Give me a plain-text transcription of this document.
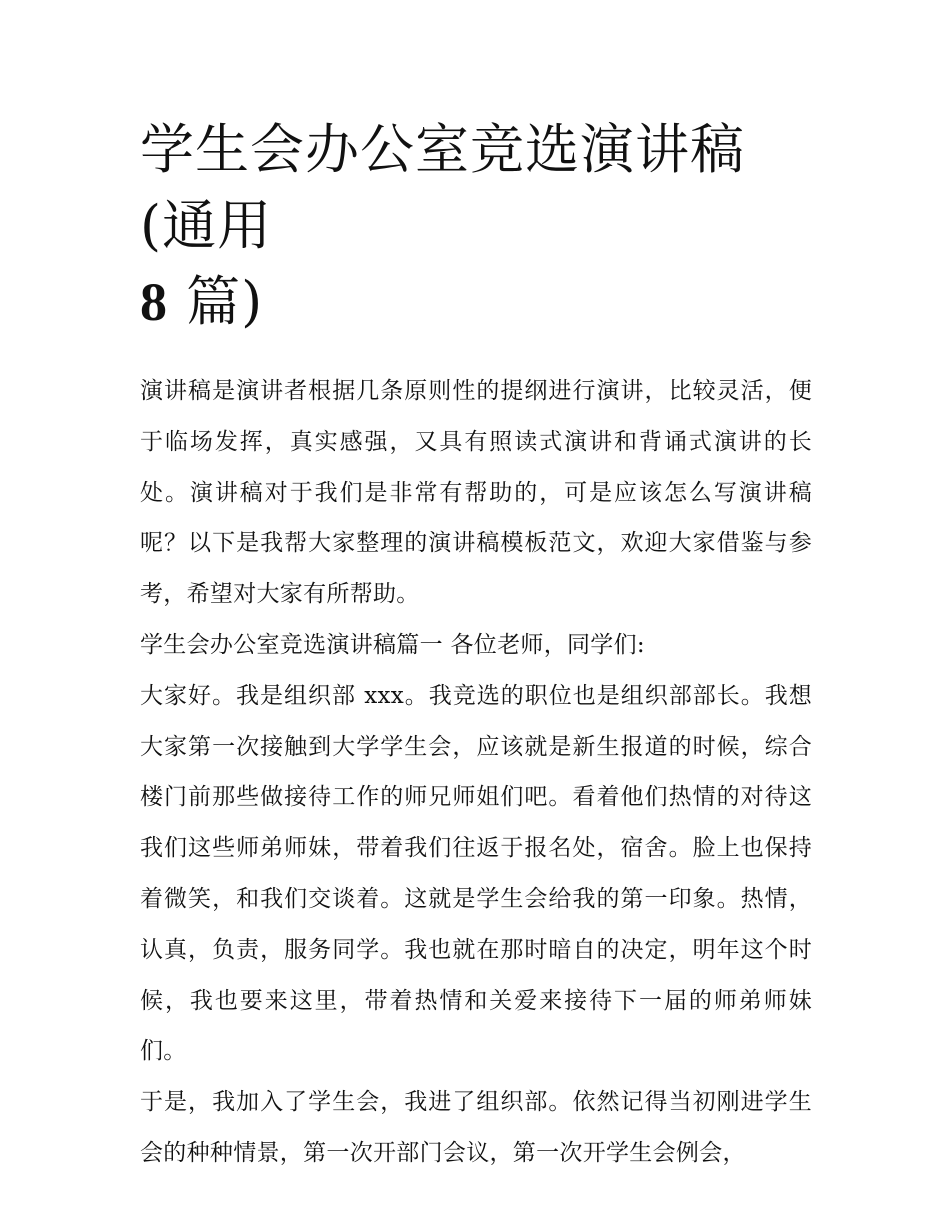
学生会办公室竞选演讲稿(通用
8 篇)

演讲稿是演讲者根据几条原则性的提纲进行演讲，比较灵活，便于临场发挥，真实感强，又具有照读式演讲和背诵式演讲的长处。演讲稿对于我们是非常有帮助的，可是应该怎么写演讲稿呢？以下是我帮大家整理的演讲稿模板范文，欢迎大家借鉴与参考，希望对大家有所帮助。

学生会办公室竞选演讲稿篇一 各位老师，同学们:

大家好。我是组织部 xxx。我竞选的职位也是组织部部长。我想大家第一次接触到大学学生会，应该就是新生报道的时候，综合楼门前那些做接待工作的师兄师姐们吧。看着他们热情的对待这我们这些师弟师妹，带着我们往返于报名处，宿舍。脸上也保持着微笑，和我们交谈着。这就是学生会给我的第一印象。热情，认真，负责，服务同学。我也就在那时暗自的决定，明年这个时候，我也要来这里，带着热情和关爱来接待下一届的师弟师妹们。

于是，我加入了学生会，我进了组织部。依然记得当初刚进学生会的种种情景，第一次开部门会议，第一次开学生会例会，
